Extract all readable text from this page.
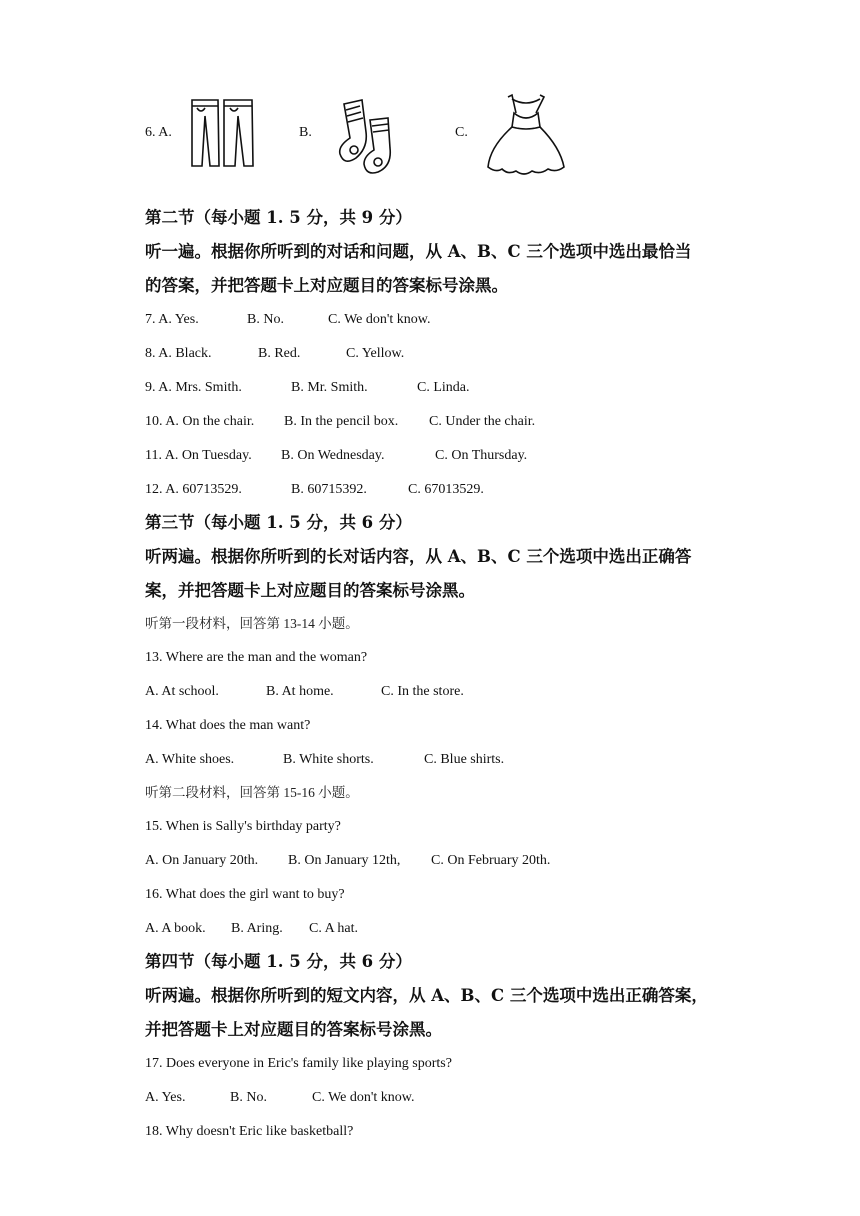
6. A.	B.	C.
第二节（每小题 1. 5 分，共 9 分）
听一遍。根据你所听到的对话和问题，从 A、B、C 三个选项中选出最恰当
的答案，并把答题卡上对应题目的答案标号涂黑。
7. A. Yes.	B. No.	C. We don't know.
8. A. Black.	B. Red.	C. Yellow.
9. A. Mrs. Smith.	B. Mr. Smith.	C. Linda.
10. A. On the chair. B. In the pencil box. C. Under the chair.
11. A. On Tuesday. B. On Wednesday.	C. On Thursday.
12. A. 60713529.	B. 60715392.	C. 67013529.
第三节（每小题 1. 5 分，共 6 分）
听两遍。根据你所听到的长对话内容，从 A、B、C 三个选项中选出正确答
案，并把答题卡上对应题目的答案标号涂黑。
听第一段材料，回答第 13-14 小题。
13. Where are the man and the woman?
A. At school.	B. At home.	C. In the store.
14. What does the man want?
A. White shoes.	B. White shorts.	C. Blue shirts.
听第二段材料，回答第 15-16 小题。
15. When is Sally's birthday party?
A. On January 20th. B. On January 12th, C. On February 20th.
16. What does the girl want to buy?
A. A book. B. Aring. C. A hat.
第四节（每小题 1. 5 分，共 6 分）
听两遍。根据你所听到的短文内容，从 A、B、C 三个选项中选出正确答案，
并把答题卡上对应题目的答案标号涂黑。
17. Does everyone in Eric's family like playing sports?
A. Yes.	B. No.	C. We don't know.
18. Why doesn't Eric like basketball?
